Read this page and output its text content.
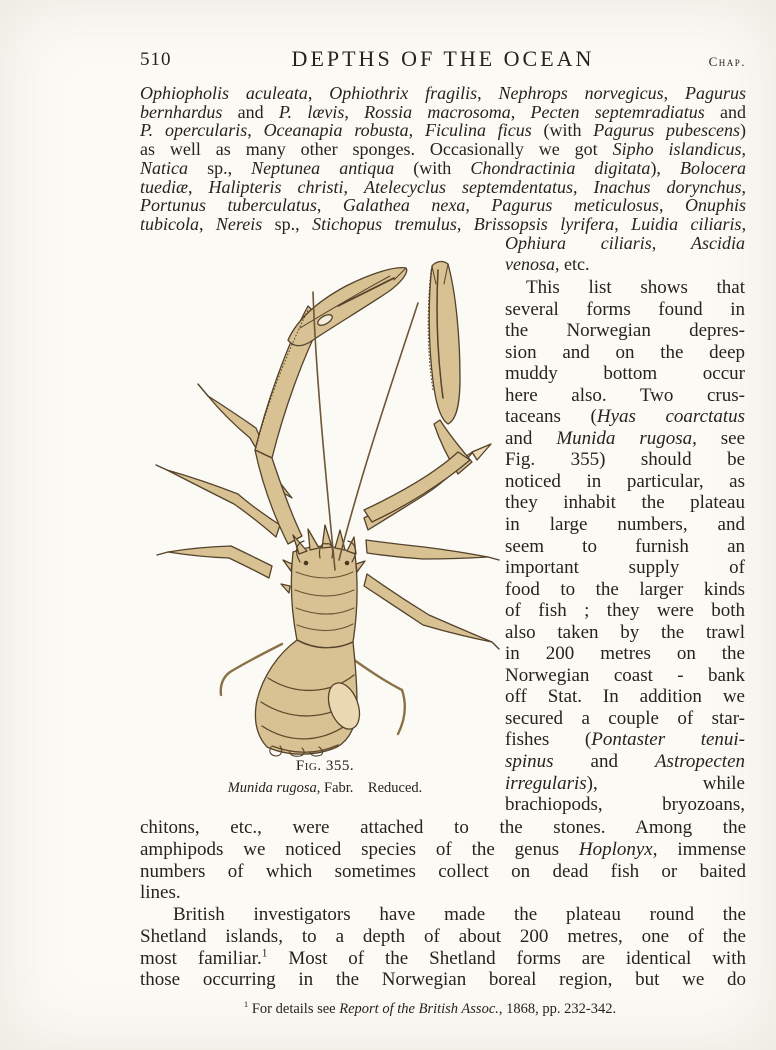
510	DEPTHS OF THE OCEAN	Chap.
Ophiopholis aculeata, Ophiothrix fragilis, Nephrops norvegicus, Pagurus
bernhardus and P. lævis, Rossia macrosoma, Pecten septemradiatus and
P. opercularis, Oceanapia robusta, Ficulina ficus (with Pagurus pubescens)
as well as many other sponges. Occasionally we got Sipho islandicus,
Natica sp., Neptunea antiqua (with Chondractinia digitata), Bolocera
tuediæ, Halipteris christi, Atelecyclus septemdentatus, Inachus dorynchus,
Portunus tuberculatus, Galathea nexa, Pagurus meticulosus, Onuphis
tubicola, Nereis sp., Stichopus tremulus, Brissopsis lyrifera, Luidia ciliaris,
Ophiura ciliaris, Ascidia
venosa, etc.
This list shows that
several forms found in
the Norwegian depres-
sion and on the deep
muddy bottom occur
here also. Two crus-
taceans (Hyas coarctatus
and Munida rugosa, see
Fig. 355) should be
noticed in particular, as
they inhabit the plateau
in large numbers, and
seem to furnish an
important supply of
food to the larger kinds
of fish ; they were both
also taken by the trawl
in 200 metres on the
Norwegian coast - bank
off Stat. In addition we
secured a couple of star-
fishes (Pontaster tenui-
spinus and Astropecten
irregularis), while
brachiopods, bryozoans,
Fig. 355.
Munida rugosa, Fabr.    Reduced.
chitons, etc., were attached to the stones. Among the
amphipods we noticed species of the genus Hoplonyx, immense
numbers of which sometimes collect on dead fish or baited
lines.
British investigators have made the plateau round the
Shetland islands, to a depth of about 200 metres, one of the
most familiar.$^1$ Most of the Shetland forms are identical with
those occurring in the Norwegian boreal region, but we do
$^1$ For details see Report of the British Assoc., 1868, pp. 232-342.
